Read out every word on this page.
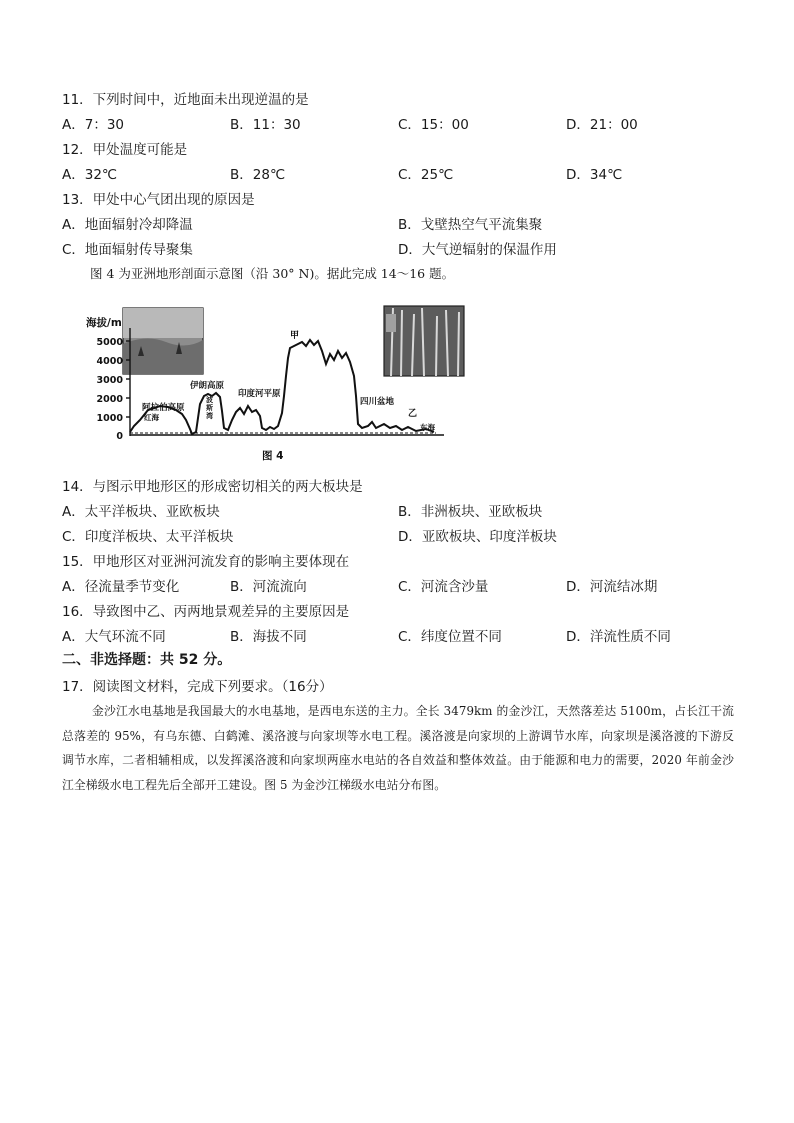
11．下列时间中，近地面未出现逆温的是
A．7：30	B．11：30	C．15：00	D．21：00
12．甲处温度可能是
A．32℃	B．28℃	C．25℃	D．34℃
13．甲处中心气团出现的原因是
A．地面辐射冷却降温	B．戈壁热空气平流集聚
C．地面辐射传导聚集	D．大气逆辐射的保温作用
图 4 为亚洲地形剖面示意图（沿 30° N)。据此完成 14～16 题。
海拔/m
5000
4000
3000
2000
1000
0
阿拉伯高原
红海
伊朗高原
波
斯
湾
印度河平原
甲
四川盆地
乙
东海
图 4
14．与图示甲地形区的形成密切相关的两大板块是
A．太平洋板块、亚欧板块	B．非洲板块、亚欧板块
C．印度洋板块、太平洋板块	D．亚欧板块、印度洋板块
15．甲地形区对亚洲河流发育的影响主要体现在
A．径流量季节变化	B．河流流向	C．河流含沙量	D．河流结冰期
16．导致图中乙、丙两地景观差异的主要原因是
A．大气环流不同	B．海拔不同	C．纬度位置不同	D．洋流性质不同
二、非选择题：共 52 分。
17．阅读图文材料，完成下列要求。（16分）
金沙江水电基地是我国最大的水电基地，是西电东送的主力。全长 3479km 的金沙江，天然落差达 5100m，占长江干流总落差的 95%，有乌东德、白鹤滩、溪洛渡与向家坝等水电工程。溪洛渡是向家坝的上游调节水库，向家坝是溪洛渡的下游反调节水库，二者相辅相成，以发挥溪洛渡和向家坝两座水电站的各自效益和整体效益。由于能源和电力的需要，2020 年前金沙江全梯级水电工程先后全部开工建设。图 5 为金沙江梯级水电站分布图。
